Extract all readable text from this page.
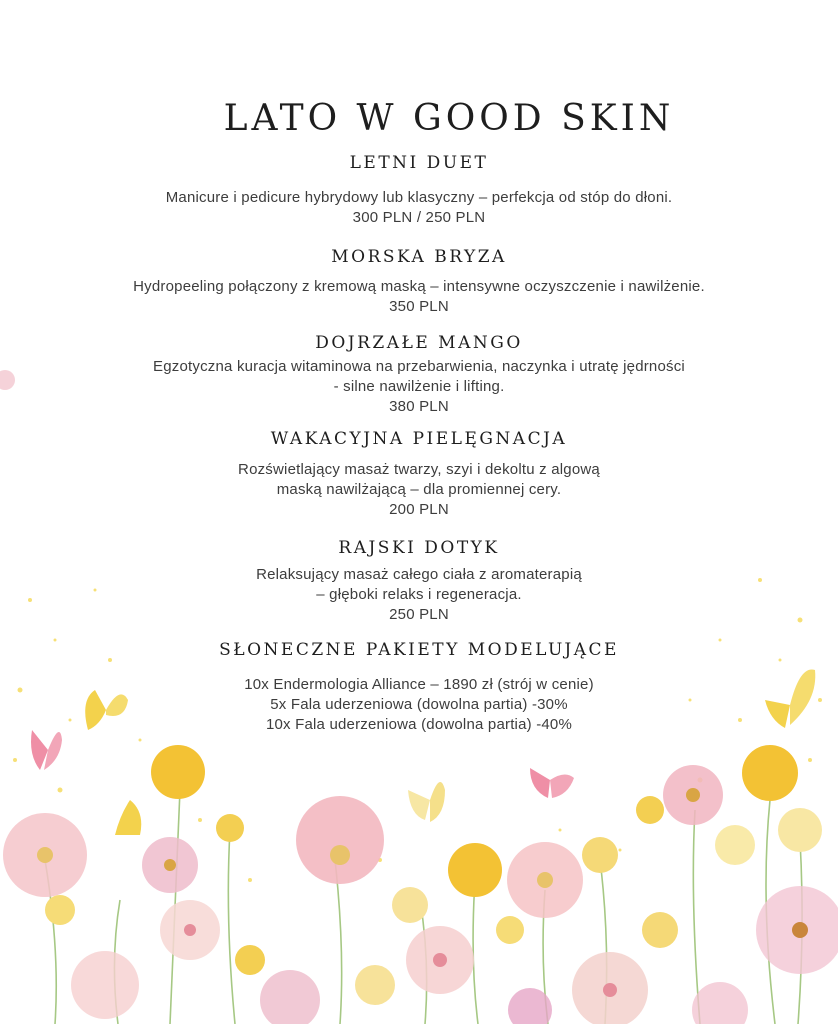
LATO W GOOD SKIN
LETNI DUET

Manicure i pedicure hybrydowy lub klasyczny – perfekcja od stóp do dłoni.

300 PLN / 250 PLN

MORSKA BRYZA

Hydropeeling połączony z kremową maską – intensywne oczyszczenie i nawilżenie.

350 PLN

DOJRZAŁE MANGO

Egzotyczna kuracja witaminowa na przebarwienia, naczynka i utratę jędrności

- silne nawilżenie i lifting.

380 PLN

WAKACYJNA PIELĘGNACJA

Rozświetlający masaż twarzy, szyi i dekoltu z algową

maską nawilżającą – dla promiennej cery.

200 PLN

RAJSKI DOTYK

Relaksujący masaż całego ciała z aromaterapią

– głęboki relaks i regeneracja.

250 PLN

SŁONECZNE PAKIETY MODELUJĄCE

10x Endermologia Alliance – 1890 zł (strój w cenie)

5x Fala uderzeniowa (dowolna partia) -30%

10x Fala uderzeniowa (dowolna partia) -40%
